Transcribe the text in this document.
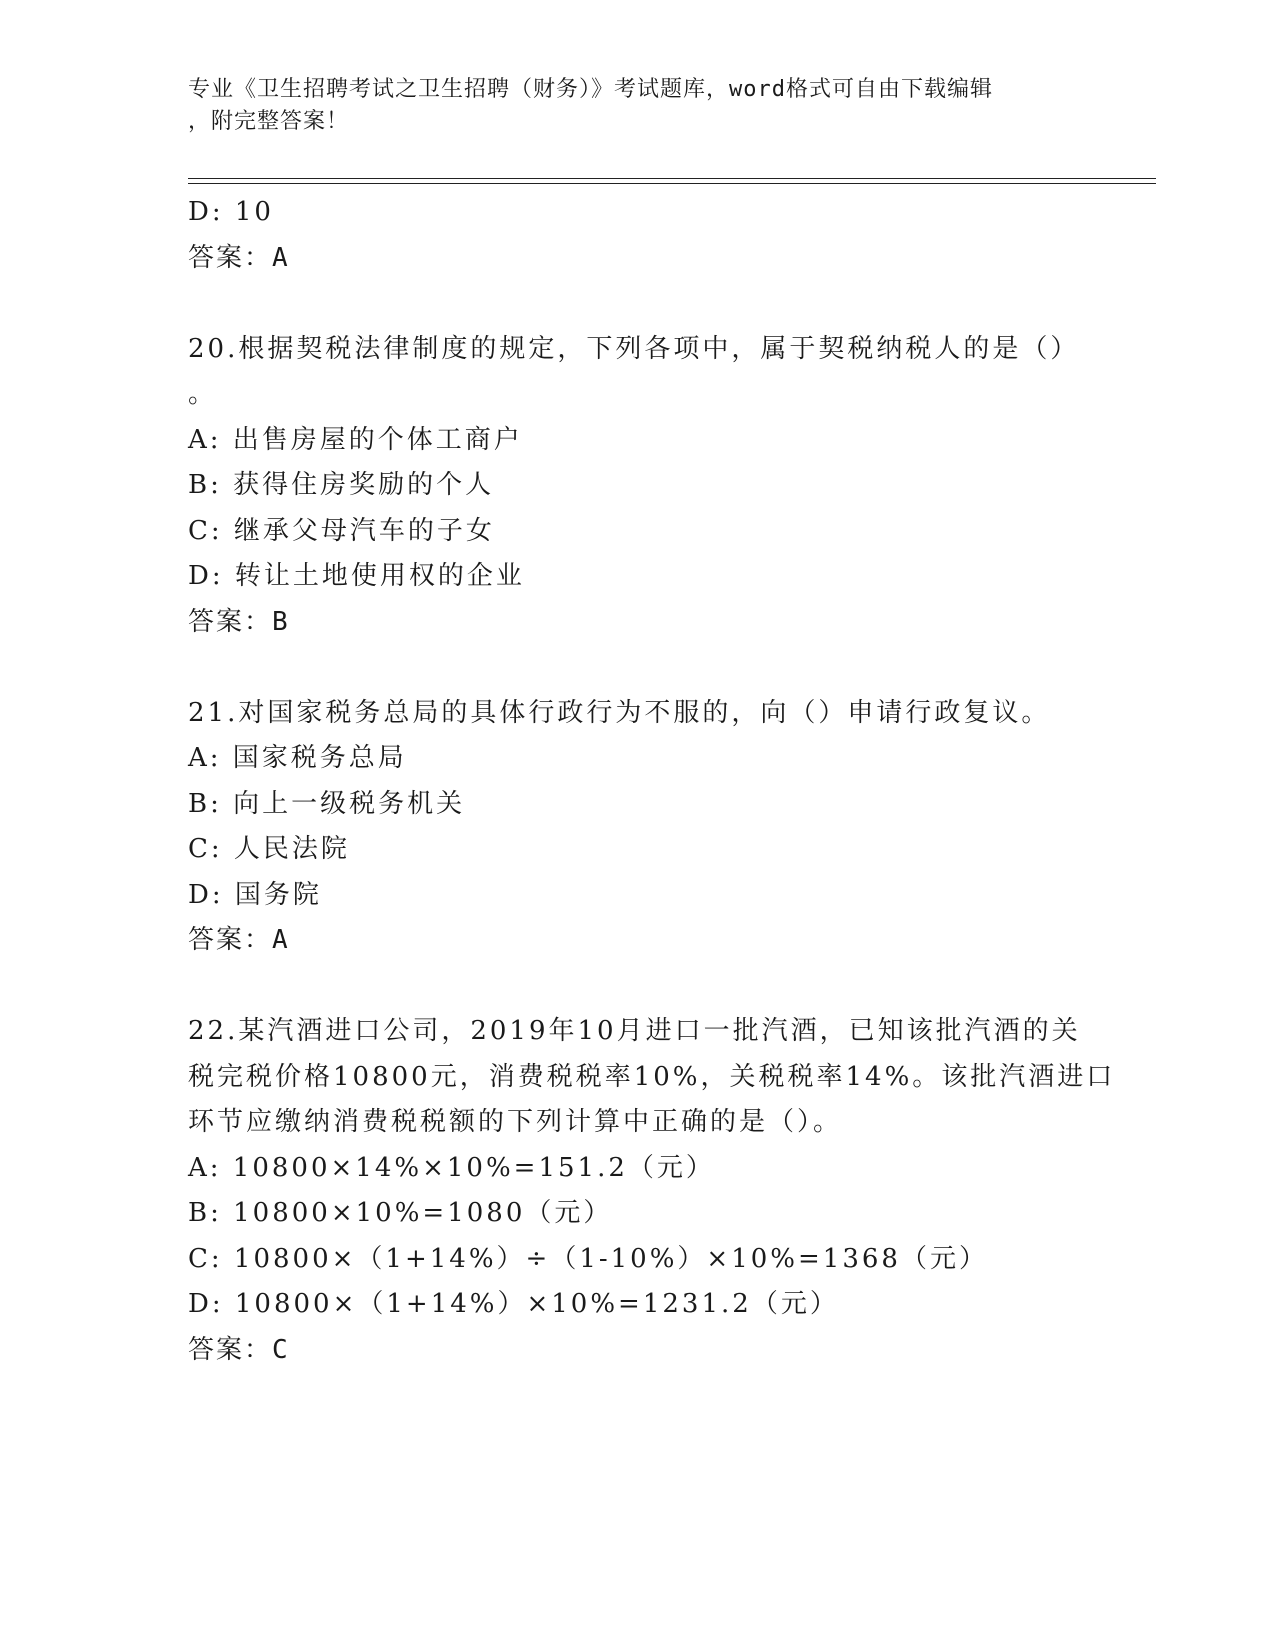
专业《卫生招聘考试之卫生招聘（财务）》考试题库，word格式可自由下载编辑
，附完整答案！

D: 10

答案：A

20.根据契税法律制度的规定，下列各项中，属于契税纳税人的是（）

。

A: 出售房屋的个体工商户

B: 获得住房奖励的个人

C: 继承父母汽车的子女

D: 转让土地使用权的企业

答案：B

21.对国家税务总局的具体行政行为不服的，向（）申请行政复议。

A: 国家税务总局

B: 向上一级税务机关

C: 人民法院

D: 国务院

答案：A

22.某汽酒进口公司，2019年10月进口一批汽酒，已知该批汽酒的关

税完税价格10800元，消费税税率10%，关税税率14%。该批汽酒进口

环节应缴纳消费税税额的下列计算中正确的是（）。

A: 10800×14%×10%=151.2（元）

B: 10800×10%=1080（元）

C: 10800×（1+14%）÷（1-10%）×10%=1368（元）

D: 10800×（1+14%）×10%=1231.2（元）

答案：C
